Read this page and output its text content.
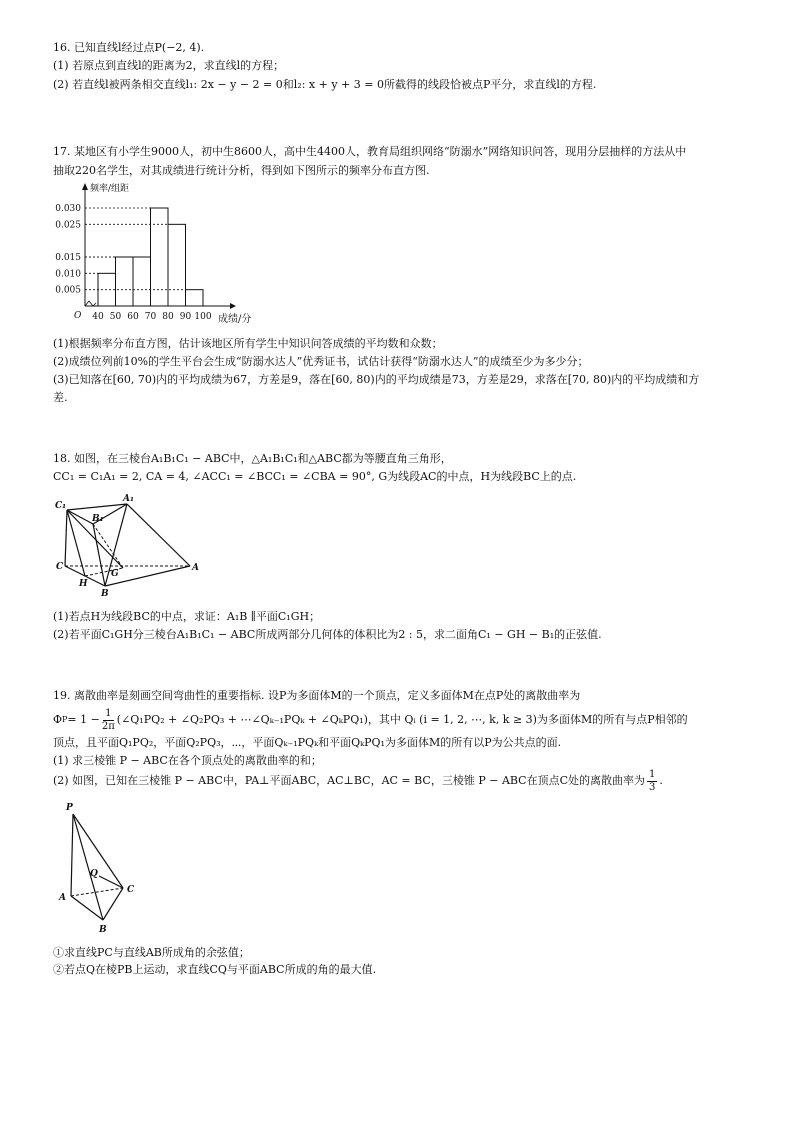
16. 已知直线l经过点P(−2, 4).
(1) 若原点到直线l的距离为2，求直线l的方程；
(2) 若直线l被两条相交直线l₁: 2x − y − 2 = 0和l₂: x + y + 3 = 0所截得的线段恰被点P平分，求直线l的方程.
17. 某地区有小学生9000人，初中生8600人，高中生4400人，教育局组织网络“防溺水”网络知识问答，现用分层抽样的方法从中
抽取220名学生，对其成绩进行统计分析，得到如下图所示的频率分布直方图.
0.005
0.010
0.015
0.025
0.030
40 50 60 70 80 90 100
频率/组距
成绩/分
O
(1)根据频率分布直方图，估计该地区所有学生中知识问答成绩的平均数和众数；
(2)成绩位列前10%的学生平台会生成“防溺水达人”优秀证书，试估计获得“防溺水达人”的成绩至少为多少分；
(3)已知落在[60, 70)内的平均成绩为67，方差是9，落在[60, 80)内的平均成绩是73，方差是29，求落在[70, 80)内的平均成绩和方
差.
18. 如图，在三棱台A₁B₁C₁ − ABC中，△A₁B₁C₁和△ABC都为等腰直角三角形，
CC₁ = C₁A₁ = 2, CA = 4, ∠ACC₁ = ∠BCC₁ = ∠CBA = 90°, G为线段AC的中点，H为线段BC上的点.
C₁
A₁
B₁
C	A
H
G
B
(1)若点H为线段BC的中点，求证：A₁B ∥平面C₁GH；
(2)若平面C₁GH分三棱台A₁B₁C₁ − ABC所成两部分几何体的体积比为2 : 5，求二面角C₁ − GH − B₁的正弦值.
19. 离散曲率是刻画空间弯曲性的重要指标. 设P为多面体M的一个顶点，定义多面体M在点P处的离散曲率为
Φ $P = 1 - \frac{1}{2\pi}$ (∠Q₁PQ₂ + ∠Q₂PQ₃ + ⋯∠Qₖ₋₁PQₖ + ∠QₖPQ₁)，其中 Qᵢ (i = 1, 2, ⋯, k, k ≥ 3)为多面体M的所有与点P相邻的
顶点，且平面Q₁PQ₂，平面Q₂PQ₃，⋯，平面Qₖ₋₁PQₖ和平面QₖPQ₁为多面体M的所有以P为公共点的面.
(1) 求三棱锥 P − ABC在各个顶点处的离散曲率的和；
(2) 如图，已知在三棱锥 P − ABC中，PA⊥平面ABC，AC⊥BC，AC = BC，三棱锥 P − ABC在顶点C处的离散曲率为 $\frac{1}{3}$ .
P
Q
A
C
B
①求直线PC与直线AB所成角的余弦值；
②若点Q在棱PB上运动，求直线CQ与平面ABC所成的角的最大值.
